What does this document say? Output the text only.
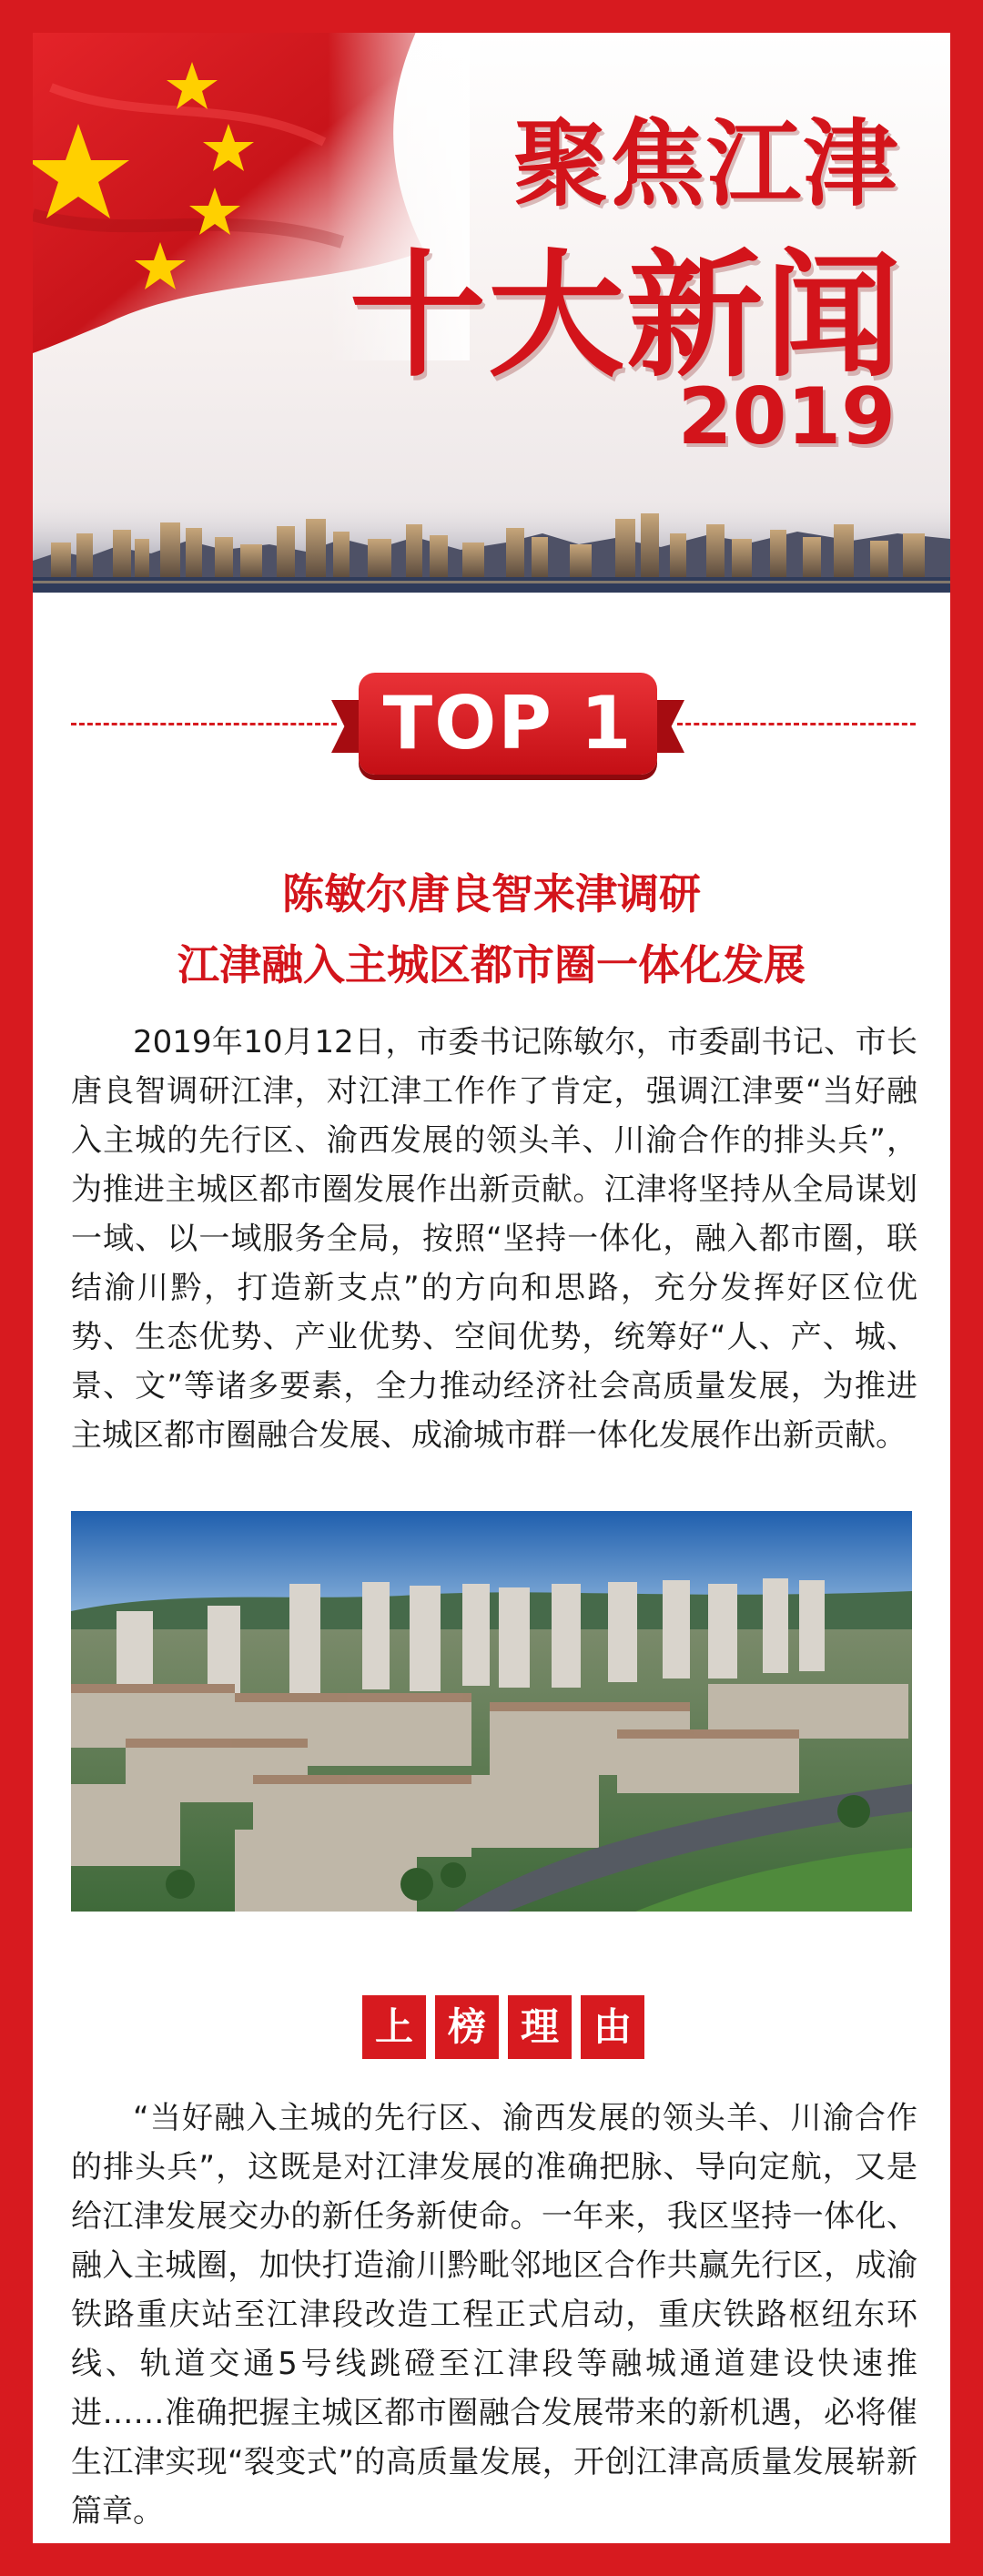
聚焦江津
十大新闻
2019
TOP 1
陈敏尔唐良智来津调研
江津融入主城区都市圈一体化发展

2019年10月12日，市委书记陈敏尔，市委副书记、市长唐良智调研江津，对江津工作作了肯定，强调江津要“当好融入主城的先行区、渝西发展的领头羊、川渝合作的排头兵”，为推进主城区都市圈发展作出新贡献。江津将坚持从全局谋划一域、以一域服务全局，按照“坚持一体化，融入都市圈，联结渝川黔，打造新支点”的方向和思路，充分发挥好区位优势、生态优势、产业优势、空间优势，统筹好“人、产、城、景、文”等诸多要素，全力推动经济社会高质量发展，为推进主城区都市圈融合发展、成渝城市群一体化发展作出新贡献。

上 榜 理 由

“当好融入主城的先行区、渝西发展的领头羊、川渝合作的排头兵”，这既是对江津发展的准确把脉、导向定航，又是给江津发展交办的新任务新使命。一年来，我区坚持一体化、融入主城圈，加快打造渝川黔毗邻地区合作共赢先行区，成渝铁路重庆站至江津段改造工程正式启动，重庆铁路枢纽东环线、轨道交通5号线跳磴至江津段等融城通道建设快速推进……准确把握主城区都市圈融合发展带来的新机遇，必将催生江津实现“裂变式”的高质量发展，开创江津高质量发展崭新篇章。
